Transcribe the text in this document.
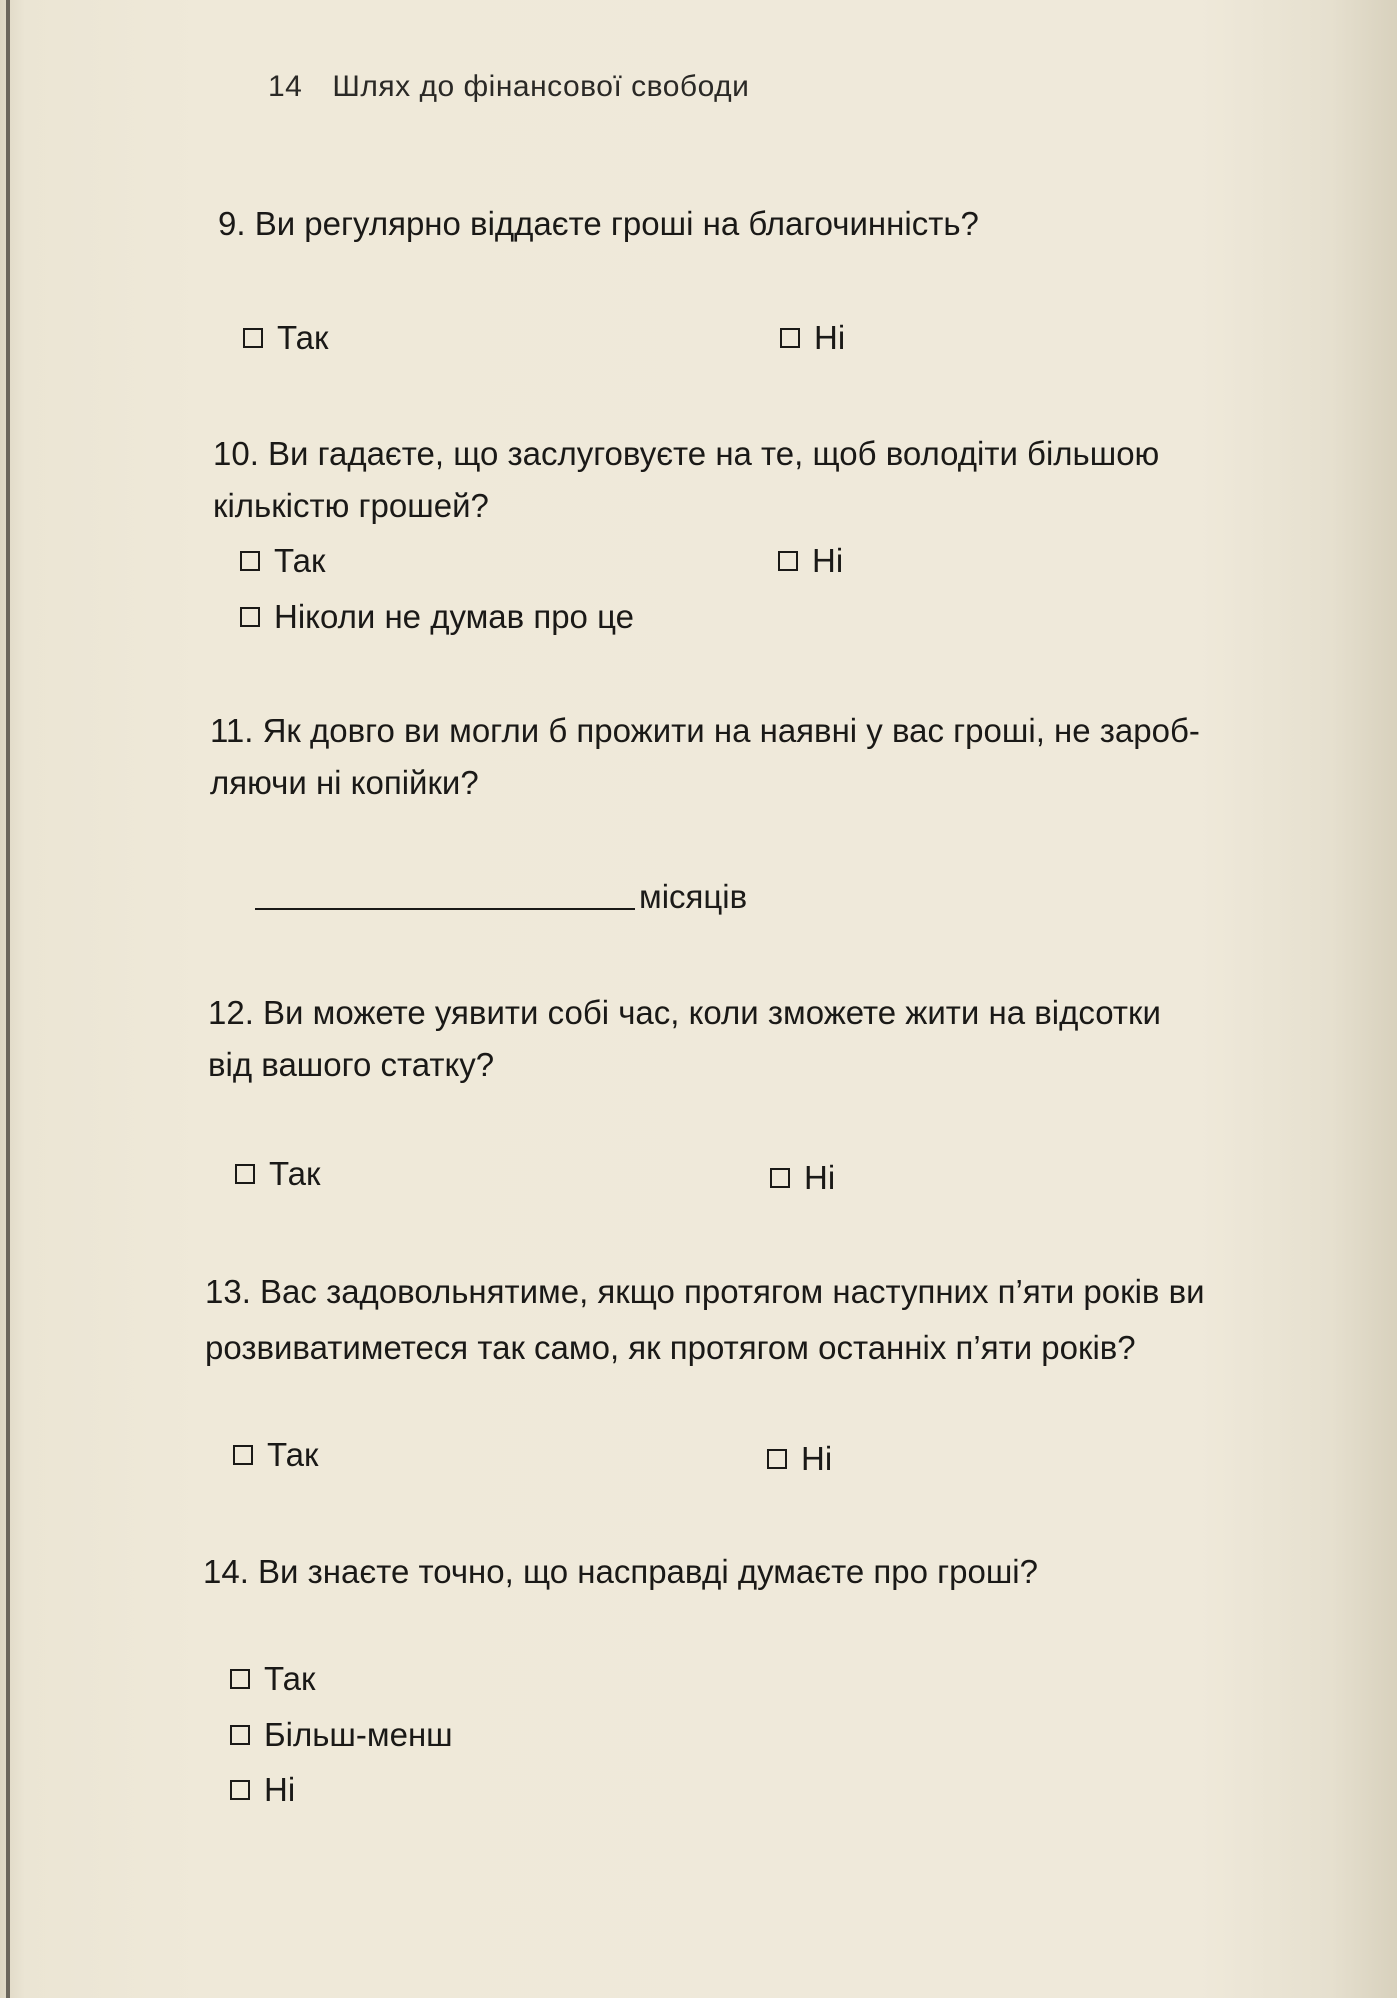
14 Шлях до фінансової свободи
9. Ви регулярно віддаєте гроші на благочинність?
Так	Ні
10. Ви гадаєте, що заслуговуєте на те, щоб володіти більшою
кількістю грошей?
Так	Ні
Ніколи не думав про це
11. Як довго ви могли б прожити на наявні у вас гроші, не зароб-
ляючи ні копійки?
місяців
12. Ви можете уявити собі час, коли зможете жити на відсотки
від вашого статку?
Так	Ні
13. Вас задовольнятиме, якщо протягом наступних п’яти років ви
розвиватиметеся так само, як протягом останніх п’яти років?
Так	Ні
14. Ви знаєте точно, що насправді думаєте про гроші?
Так
Більш-менш
Ні
